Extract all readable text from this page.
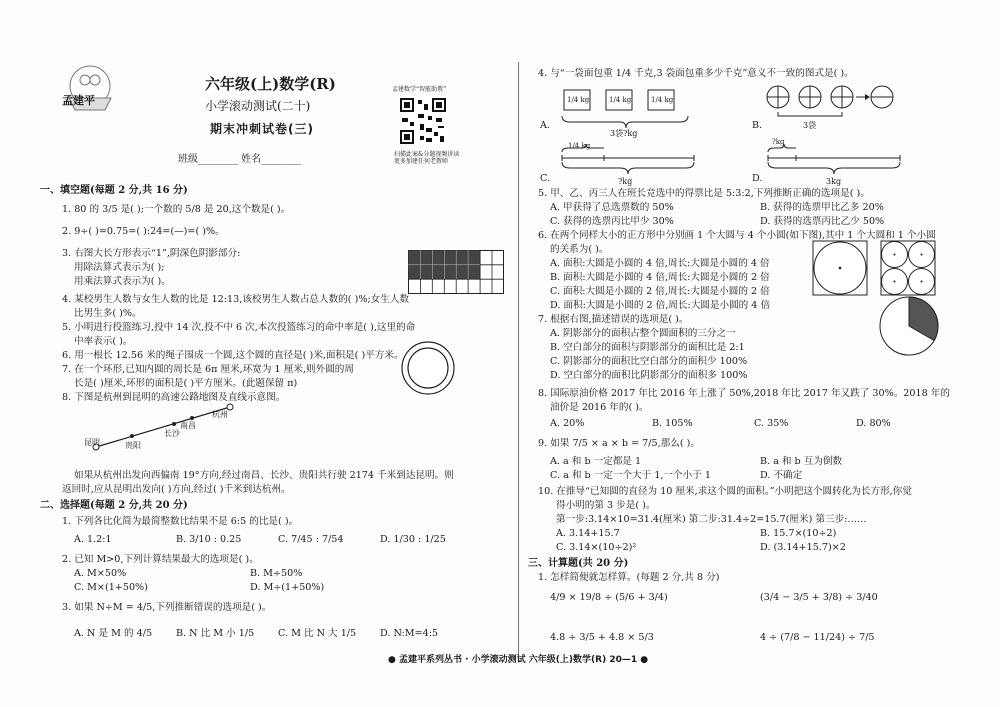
孟建平
六年级(上)数学(R)
小学滚动测试(二十)
期末冲刺试卷(三)
班级________ 姓名________
孟建数学“智能助教”
扫描此案&分题视频讲读
更多加建任何老教师
一、填空题(每题 2 分,共 16 分)
1. 80 的 3/5 是( );一个数的 5/8 是 20,这个数是( )。
2. 9÷( )=0.75=( ):24=(—)=( )%。
3. 右图大长方形表示“1”,阴深色阴影部分:
用除法算式表示为( );
用乘法算式表示为( )。
4. 某校男生人数与女生人数的比是 12:13,该校男生人数占总人数的( )%;女生人数
比男生多( )%。
5. 小明进行投篮练习,投中 14 次,投不中 6 次,本次投篮练习的命中率是( ),这里的命
中率表示( )。
6. 用一根长 12.56 米的绳子围成一个圆,这个圆的直径是( )米,面积是( )平方米。
7. 在一个环形,已知内圆的周长是 6π 厘米,环宽为 1 厘米,则外圆的周
长是( )厘米,环形的面积是( )平方厘米。(此题保留 π)
8. 下图是杭州到昆明的高速公路地图及直线示意图。
昆明	贵阳
长沙
南昌
杭州
如果从杭州出发向西偏南 19°方向,经过南昌、长沙、贵阳共行驶 2174 千米到达昆明。则
返回时,应从昆明出发向( )方向,经过( )千米到达杭州。
二、选择题(每题 2 分,共 20 分)
1. 下列各比化简为最简整数比结果不是 6:5 的比是( )。
A. 1.2:1	B. 3/10 : 0.25	C. 7/45 : 7/54	D. 1/30 : 1/25
2. 已知 M>0,下列计算结果最大的选项是( )。
A. M×50%	B. M÷50%
C. M×(1+50%)	D. M÷(1+50%)
3. 如果 N÷M = 4/5,下列推断错误的选项是( )。
A. N 是 M 的 4/5 B. N 比 M 小 1/5 C. M 比 N 大 1/5 D. N:M=4:5
4. 与“一袋面包重 1/4 千克,3 袋面包重多少千克”意义不一致的图式是( )。
A.
1/4 kg	1/4 kg	1/4 kg
3袋?kg
B.	3袋
C.
1/4 kg
?kg	D.
?kg
3kg
5. 甲、乙、丙三人在班长竞选中的得票比是 5:3:2,下列推断正确的选项是( )。
A. 甲获得了总选票数的 50%	B. 获得的选票甲比乙多 20%
C. 获得的选票丙比甲少 30%	D. 获得的选票丙比乙少 50%
6. 在两个同样大小的正方形中分别画 1 个大圆与 4 个小圆(如下图),其中 1 个大圆和 1 个小圆
的关系为( )。
A. 面积:大圆是小圆的 4 倍,周长:大圆是小圆的 4 倍
B. 面积:大圆是小圆的 4 倍,周长:大圆是小圆的 2 倍
C. 面积:大圆是小圆的 2 倍,周长:大圆是小圆的 2 倍
D. 面积:大圆是小圆的 2 倍,周长:大圆是小圆的 4 倍
7. 根据右图,描述错误的选项是( )。
A. 阴影部分的面积占整个圆面积的三分之一
B. 空白部分的面积与阴影部分的面积比是 2:1
C. 阴影部分的面积比空白部分的面积少 100%
D. 空白部分的面积比阴影部分的面积多 100%
8. 国际原油价格 2017 年比 2016 年上涨了 50%,2018 年比 2017 年又跌了 30%。2018 年的
油价是 2016 年的( )。
A. 20%	B. 105%	C. 35%	D. 80%
9. 如果 7/5 × a × b = 7/5,那么( )。
A. a 和 b 一定都是 1	B. a 和 b 互为倒数
C. a 和 b 一定一个大于 1,一个小于 1	D. 不确定
10. 在推导“已知圆的直径为 10 厘米,求这个圆的面积。”小明把这个圆转化为长方形,你觉
得小明的第 3 步是( )。
第一步:3.14×10=31.4(厘米) 第二步:31.4÷2=15.7(厘米) 第三步:……
A. 3.14+15.7	B. 15.7×(10÷2)
C. 3.14×(10÷2)²	D. (3.14+15.7)×2
三、计算题(共 20 分)
1. 怎样简便就怎样算。(每题 2 分,共 8 分)
4/9 × 19/8 ÷ (5/6 + 3/4)	(3/4 − 3/5 + 3/8) ÷ 3/40
4.8 ÷ 3/5 + 4.8 × 5/3	4 ÷ (7/8 − 11/24) ÷ 7/5
● 孟建平系列丛书 · 小学滚动测试 六年级(上)数学(R) 20—1 ●
